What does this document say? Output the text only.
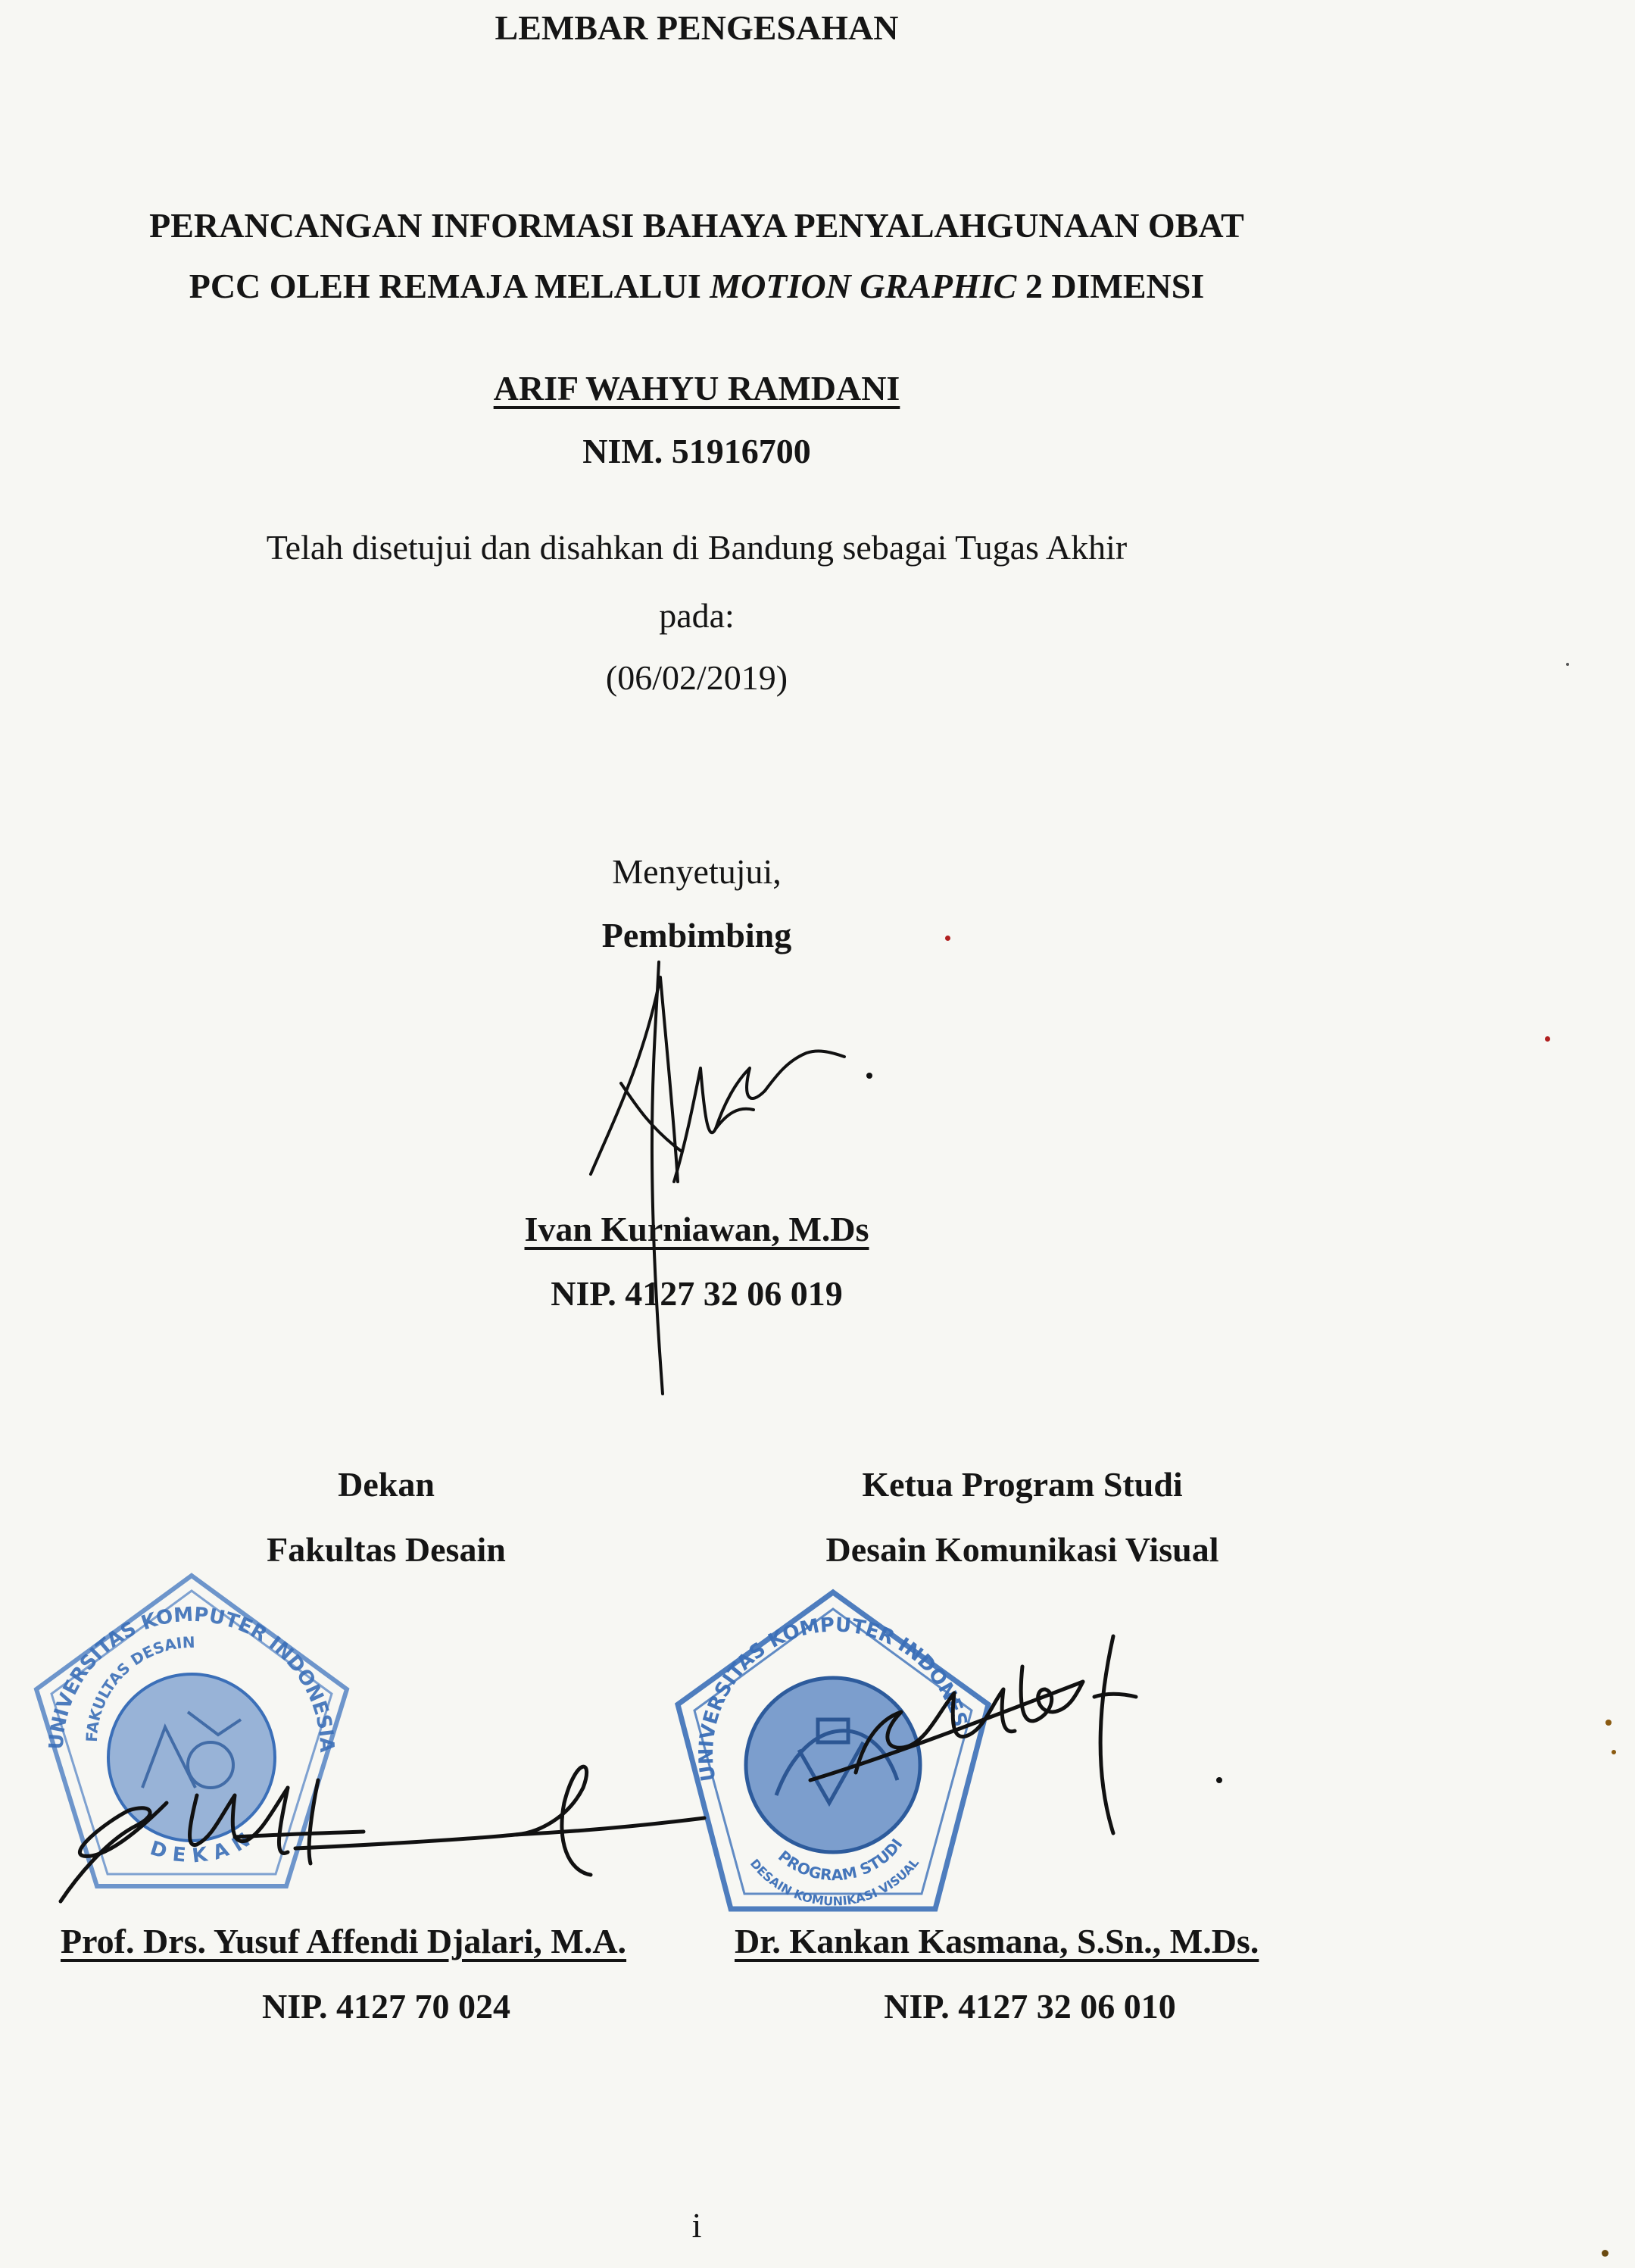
LEMBAR PENGESAHAN
PERANCANGAN INFORMASI BAHAYA PENYALAHGUNAAN OBAT
PCC OLEH REMAJA MELALUI MOTION GRAPHIC 2 DIMENSI
ARIF WAHYU RAMDANI
NIM. 51916700
Telah disetujui dan disahkan di Bandung sebagai Tugas Akhir
pada:
(06/02/2019)
Menyetujui,
Pembimbing
Ivan Kurniawan, M.Ds
NIP. 4127 32 06 019
Dekan
Fakultas Desain
Ketua Program Studi
Desain Komunikasi Visual
UNIVERSITAS KOMPUTER INDONESIA
FAKULTAS DESAIN
DEKAN
UNIVERSITAS KOMPUTER INDONESIA
PROGRAM STUDI
DESAIN KOMUNIKASI VISUAL
Prof. Drs. Yusuf Affendi Djalari, M.A.
NIP. 4127 70 024
Dr. Kankan Kasmana, S.Sn., M.Ds.
NIP. 4127 32 06 010
i
